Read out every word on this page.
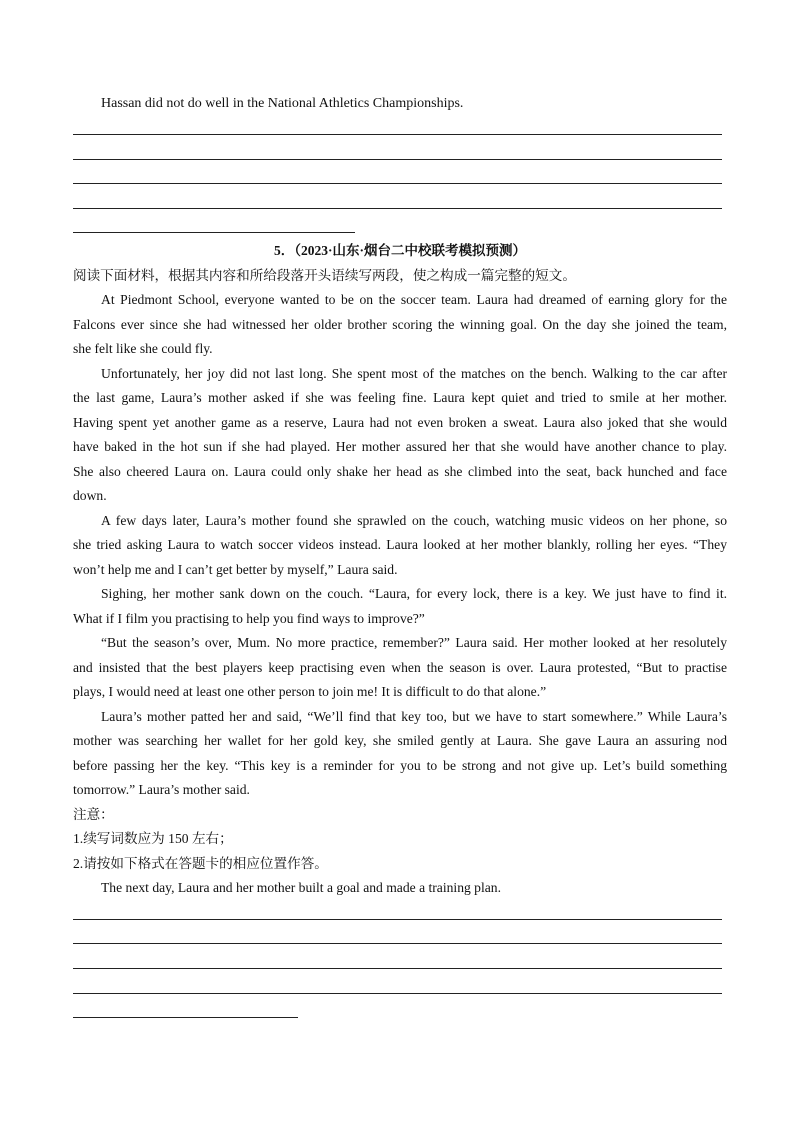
Hassan did not do well in the National Athletics Championships.
5．（2023·山东·烟台二中校联考模拟预测）
阅读下面材料，根据其内容和所给段落开头语续写两段，使之构成一篇完整的短文。
At Piedmont School, everyone wanted to be on the soccer team. Laura had dreamed of earning glory for the
Falcons ever since she had witnessed her older brother scoring the winning goal. On the day she joined the team,
she felt like she could fly.
Unfortunately, her joy did not last long. She spent most of the matches on the bench. Walking to the car after
the last game, Laura’s mother asked if she was feeling fine. Laura kept quiet and tried to smile at her mother.
Having spent yet another game as a reserve, Laura had not even broken a sweat. Laura also joked that she would
have baked in the hot sun if she had played. Her mother assured her that she would have another chance to play.
She also cheered Laura on. Laura could only shake her head as she climbed into the seat, back hunched and face
down.
A few days later, Laura’s mother found she sprawled on the couch, watching music videos on her phone, so
she tried asking Laura to watch soccer videos instead. Laura looked at her mother blankly, rolling her eyes. “They
won’t help me and I can’t get better by myself,” Laura said.
Sighing, her mother sank down on the couch. “Laura, for every lock, there is a key. We just have to find it.
What if I film you practising to help you find ways to improve?”
“But the season’s over, Mum. No more practice, remember?” Laura said. Her mother looked at her resolutely
and insisted that the best players keep practising even when the season is over. Laura protested, “But to practise
plays, I would need at least one other person to join me! It is difficult to do that alone.”
Laura’s mother patted her and said, “We’ll find that key too, but we have to start somewhere.” While Laura’s
mother was searching her wallet for her gold key, she smiled gently at Laura. She gave Laura an assuring nod
before passing her the key. “This key is a reminder for you to be strong and not give up. Let’s build something
tomorrow.” Laura’s mother said.
注意：
1.续写词数应为 150 左右；
2.请按如下格式在答题卡的相应位置作答。
The next day, Laura and her mother built a goal and made a training plan.
